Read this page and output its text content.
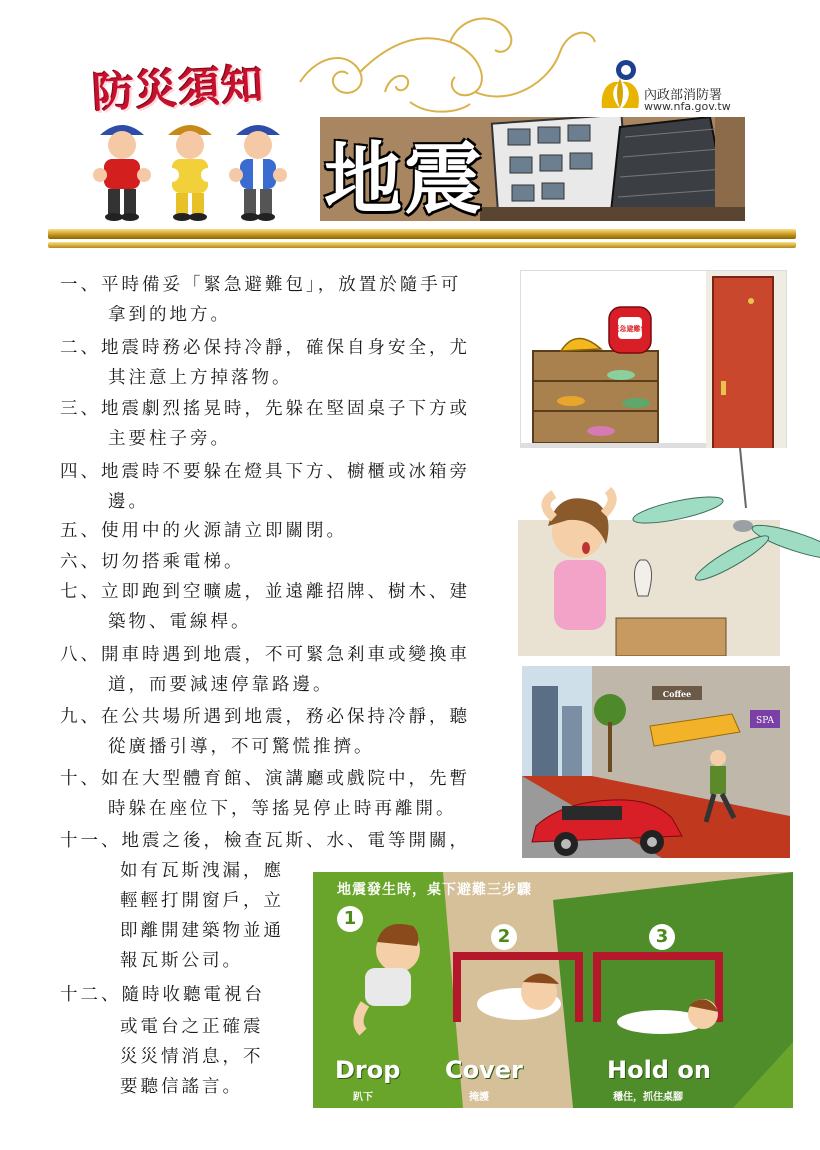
防災須知	內政部消防署
www.nfa.gov.tw
地震
一、平時備妥「緊急避難包」，放置於隨手可
拿到的地方。
二、地震時務必保持冷靜，確保自身安全，尤
其注意上方掉落物。
三、地震劇烈搖晃時，先躲在堅固桌子下方或
主要柱子旁。
四、地震時不要躲在燈具下方、櫥櫃或冰箱旁
邊。
五、使用中的火源請立即關閉。
六、切勿搭乘電梯。
七、立即跑到空曠處，並遠離招牌、樹木、建
築物、電線桿。
八、開車時遇到地震，不可緊急剎車或變換車
道，而要減速停靠路邊。
九、在公共場所遇到地震，務必保持冷靜，聽
從廣播引導，不可驚慌推擠。
十、如在大型體育館、演講廳或戲院中，先暫
時躲在座位下，等搖晃停止時再離開。
十一、地震之後，檢查瓦斯、水、電等開關，
如有瓦斯洩漏，應
輕輕打開窗戶，立
即離開建築物並通
報瓦斯公司。
十二、隨時收聽電視台
或電台之正確震
災災情消息，不
要聽信謠言。
緊急避難包
Coffee
SPA
地震發生時，桌下避難三步驟
1
2	3
Drop
趴下
Cover
掩護
Hold on
穩住，抓住桌腳
